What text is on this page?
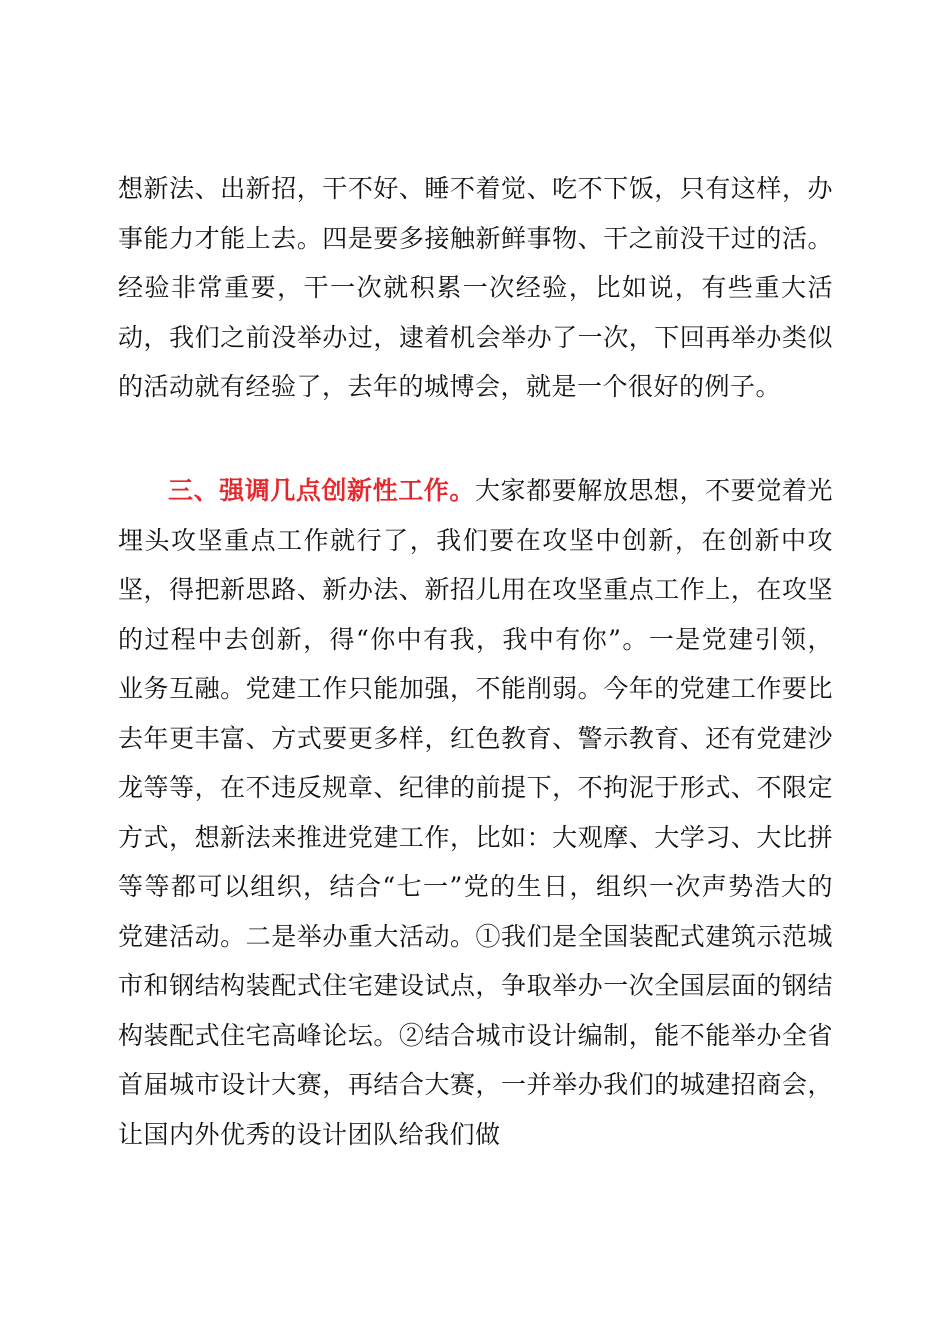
想新法、出新招，干不好、睡不着觉、吃不下饭，只有这样，办事能力才能上去。四是要多接触新鲜事物、干之前没干过的活。经验非常重要，干一次就积累一次经验，比如说，有些重大活动，我们之前没举办过，逮着机会举办了一次，下回再举办类似的活动就有经验了，去年的城博会，就是一个很好的例子。

三、强调几点创新性工作。大家都要解放思想，不要觉着光埋头攻坚重点工作就行了，我们要在攻坚中创新，在创新中攻坚，得把新思路、新办法、新招儿用在攻坚重点工作上，在攻坚的过程中去创新，得“你中有我，我中有你”。一是党建引领，业务互融。党建工作只能加强，不能削弱。今年的党建工作要比去年更丰富、方式要更多样，红色教育、警示教育、还有党建沙龙等等，在不违反规章、纪律的前提下，不拘泥于形式、不限定方式，想新法来推进党建工作，比如：大观摩、大学习、大比拼等等都可以组织，结合“七一”党的生日，组织一次声势浩大的党建活动。二是举办重大活动。①我们是全国装配式建筑示范城市和钢结构装配式住宅建设试点，争取举办一次全国层面的钢结构装配式住宅高峰论坛。②结合城市设计编制，能不能举办全省首届城市设计大赛，再结合大赛，一并举办我们的城建招商会，让国内外优秀的设计团队给我们做
